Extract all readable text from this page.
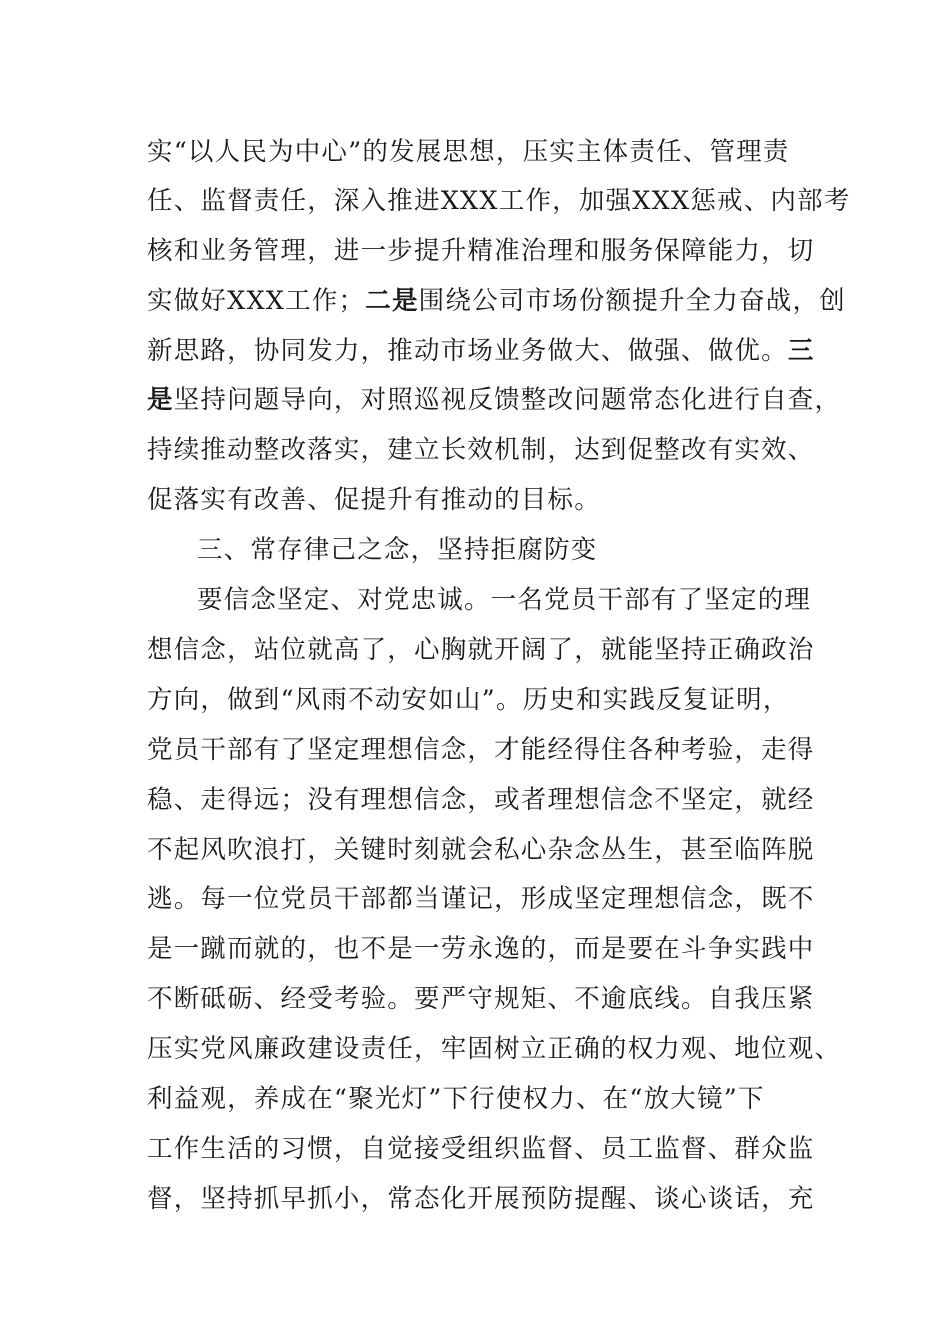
实“以人民为中心”的发展思想，压实主体责任、管理责
任、监督责任，深入推进XXX工作，加强XXX惩戒、内部考
核和业务管理，进一步提升精准治理和服务保障能力，切
实做好XXX工作；二是围绕公司市场份额提升全力奋战，创
新思路，协同发力，推动市场业务做大、做强、做优。三
是坚持问题导向，对照巡视反馈整改问题常态化进行自查，
持续推动整改落实，建立长效机制，达到促整改有实效、
促落实有改善、促提升有推动的目标。
三、常存律己之念，坚持拒腐防变
要信念坚定、对党忠诚。一名党员干部有了坚定的理
想信念，站位就高了，心胸就开阔了，就能坚持正确政治
方向，做到“风雨不动安如山”。历史和实践反复证明，
党员干部有了坚定理想信念，才能经得住各种考验，走得
稳、走得远；没有理想信念，或者理想信念不坚定，就经
不起风吹浪打，关键时刻就会私心杂念丛生，甚至临阵脱
逃。每一位党员干部都当谨记，形成坚定理想信念，既不
是一蹴而就的，也不是一劳永逸的，而是要在斗争实践中
不断砥砺、经受考验。要严守规矩、不逾底线。自我压紧
压实党风廉政建设责任，牢固树立正确的权力观、地位观、
利益观，养成在“聚光灯”下行使权力、在“放大镜”下
工作生活的习惯，自觉接受组织监督、员工监督、群众监
督，坚持抓早抓小，常态化开展预防提醒、谈心谈话，充
